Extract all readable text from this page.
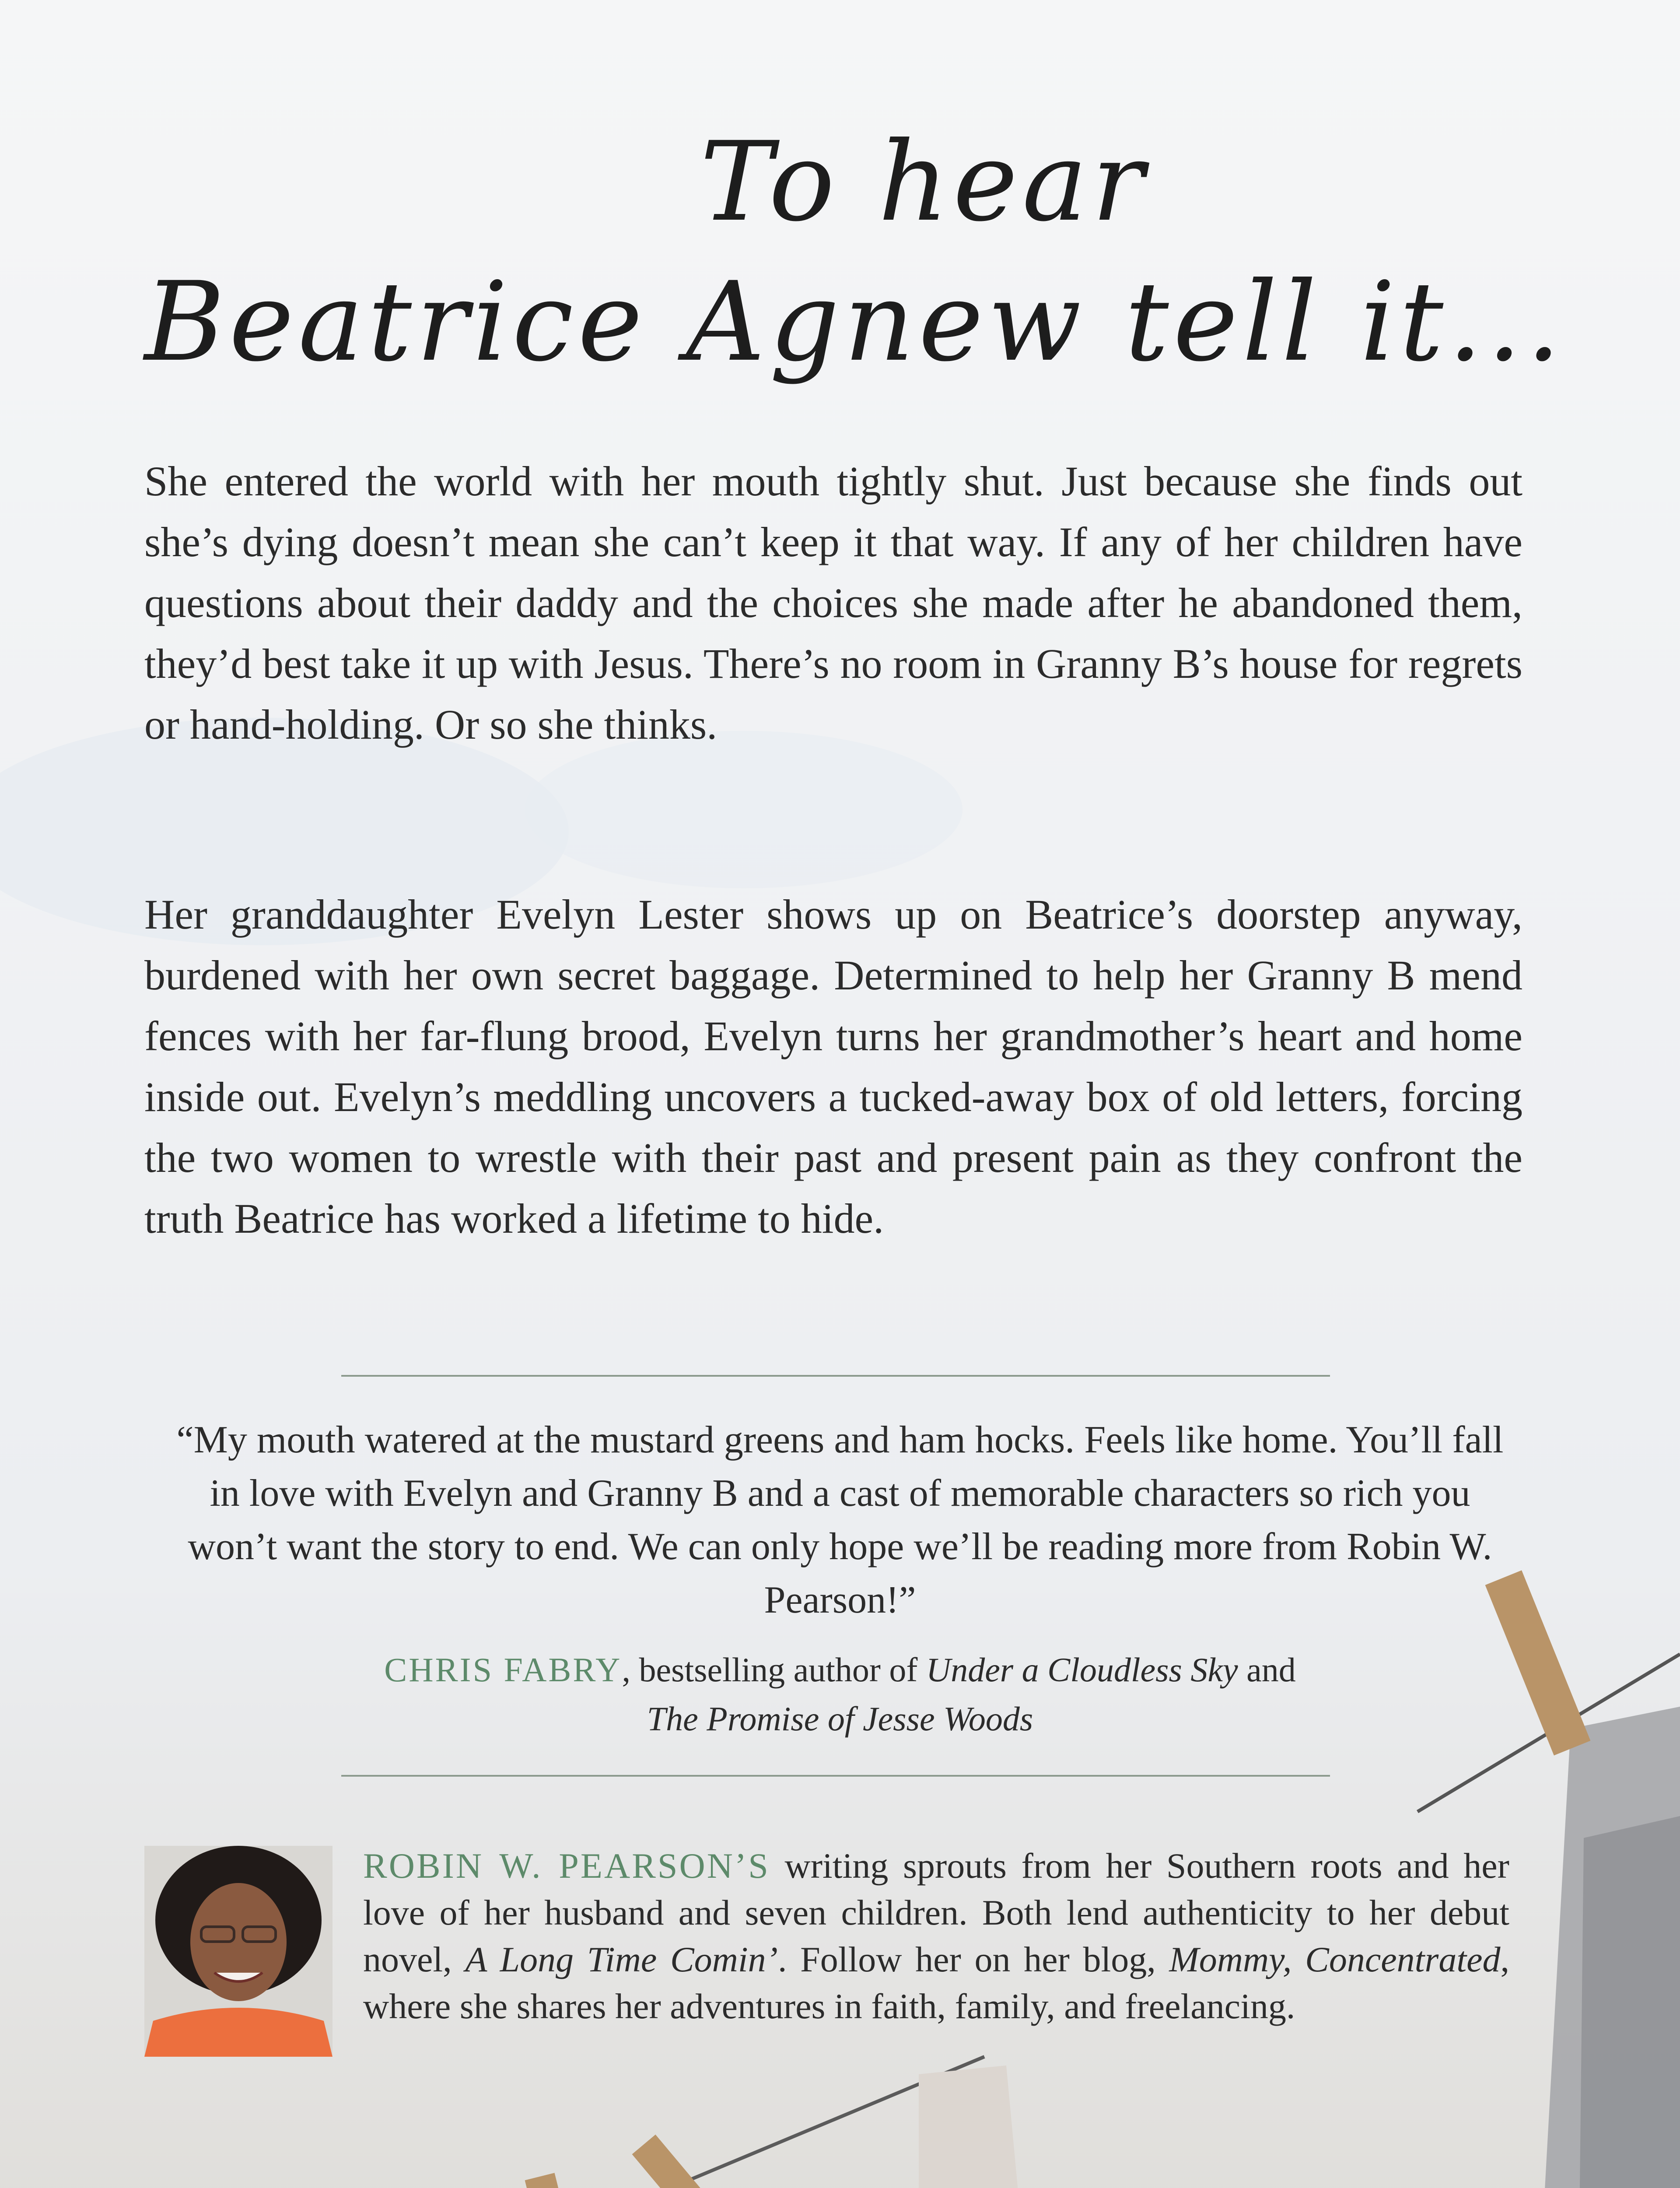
To hear
Beatrice Agnew tell it...
She entered the world with her mouth tightly shut. Just because she finds out she’s dying doesn’t mean she can’t keep it that way. If any of her children have questions about their daddy and the choices she made after he abandoned them, they’d best take it up with Jesus. There’s no room in Granny B’s house for regrets or hand-holding. Or so she thinks.
Her granddaughter Evelyn Lester shows up on Beatrice’s doorstep anyway, burdened with her own secret baggage. Determined to help her Granny B mend fences with her far-flung brood, Evelyn turns her grandmother’s heart and home inside out. Evelyn’s meddling uncovers a tucked-away box of old letters, forcing the two women to wrestle with their past and present pain as they confront the truth Beatrice has worked a lifetime to hide.
“My mouth watered at the mustard greens and ham hocks. Feels like home. You’ll fall in love with Evelyn and Granny B and a cast of memorable characters so rich you won’t want the story to end. We can only hope we’ll be reading more from Robin W. Pearson!”
CHRIS FABRY, bestselling author of Under a Cloudless Sky and
The Promise of Jesse Woods
ROBIN W. PEARSON’S writing sprouts from her Southern roots and her love of her husband and seven children. Both lend authenticity to her debut novel, A Long Time Comin’. Follow her on her blog, Mommy, Concentrated, where she shares her adventures in faith, family, and freelancing.
